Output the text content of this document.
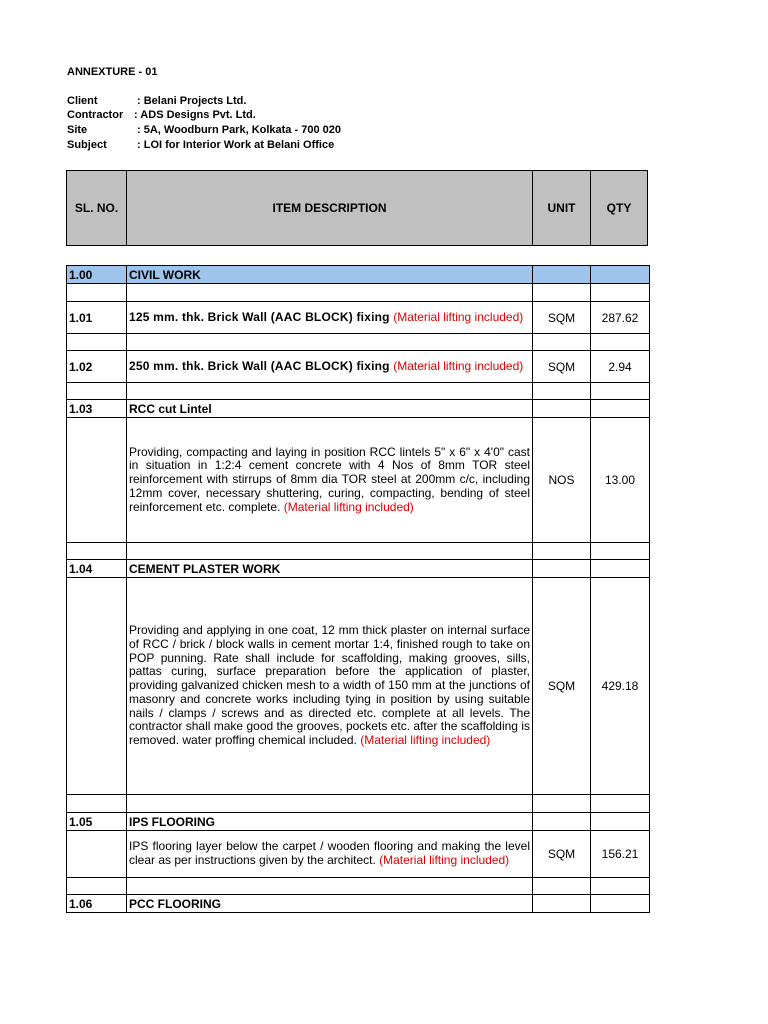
ANNEXTURE - 01
Client	: Belani Projects Ltd.
Contractor : ADS Designs Pvt. Ltd.
Site	: 5A, Woodburn Park, Kolkata - 700 020
Subject	: LOI for Interior Work at Belani Office
SL. NO.	ITEM DESCRIPTION	UNIT	QTY
1.00	CIVIL WORK		

1.01	125 mm. thk. Brick Wall (AAC BLOCK) fixing (Material lifting included)	SQM	287.62

1.02	250 mm. thk. Brick Wall (AAC BLOCK) fixing (Material lifting included)	SQM	2.94

1.03	RCC cut Lintel		
	Providing, compacting and laying in position RCC lintels 5" x 6" x 4'0" cast in situation in 1:2:4 cement concrete with 4 Nos of 8mm TOR steel reinforcement with stirrups of 8mm dia TOR steel at 200mm c/c, including 12mm cover, necessary shuttering, curing, compacting, bending of steel reinforcement etc. complete. (Material lifting included)	NOS	13.00

1.04	CEMENT PLASTER WORK		
	Providing and applying in one coat, 12 mm thick plaster on internal surface of RCC / brick / block walls in cement mortar 1:4, finished rough to take on POP punning. Rate shall include for scaffolding, making grooves, sills, pattas curing, surface preparation before the application of plaster, providing galvanized chicken mesh to a width of 150 mm at the junctions of masonry and concrete works including tying in position by using suitable nails / clamps / screws and as directed etc. complete at all levels. The contractor shall make good the grooves, pockets etc. after the scaffolding is removed. water proffing chemical included. (Material lifting included)	SQM	429.18

1.05	IPS FLOORING		
	IPS flooring layer below the carpet / wooden flooring and making the level clear as per instructions given by the architect. (Material lifting included)	SQM	156.21

1.06	PCC FLOORING		
